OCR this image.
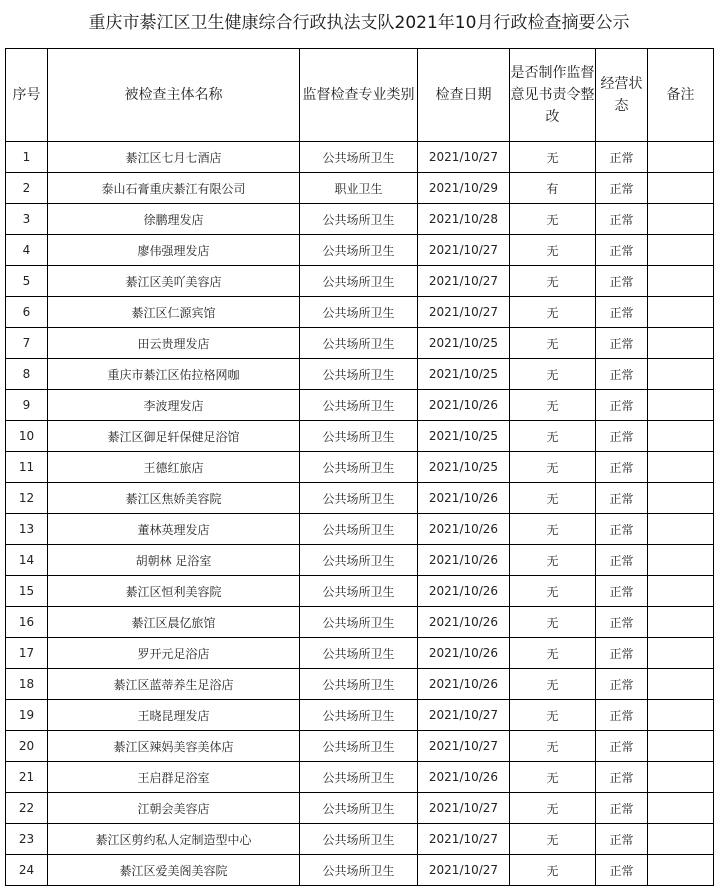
重庆市綦江区卫生健康综合行政执法支队2021年10月行政检查摘要公示
序号	被检查主体名称	监督检查专业类别	检查日期	是否制作监督意见书责令整改	经营状态	备注
1	綦江区七月七酒店	公共场所卫生	2021/10/27	无	正常	
2	泰山石膏重庆綦江有限公司	职业卫生	2021/10/29	有	正常	
3	徐鹏理发店	公共场所卫生	2021/10/28	无	正常	
4	廖伟强理发店	公共场所卫生	2021/10/27	无	正常	
5	綦江区美吖美容店	公共场所卫生	2021/10/27	无	正常	
6	綦江区仁源宾馆	公共场所卫生	2021/10/27	无	正常	
7	田云贵理发店	公共场所卫生	2021/10/25	无	正常	
8	重庆市綦江区佑拉格网咖	公共场所卫生	2021/10/25	无	正常	
9	李波理发店	公共场所卫生	2021/10/26	无	正常	
10	綦江区御足轩保健足浴馆	公共场所卫生	2021/10/25	无	正常	
11	王德红旅店	公共场所卫生	2021/10/25	无	正常	
12	綦江区焦娇美容院	公共场所卫生	2021/10/26	无	正常	
13	董林英理发店	公共场所卫生	2021/10/26	无	正常	
14	胡朝林 足浴室	公共场所卫生	2021/10/26	无	正常	
15	綦江区恒利美容院	公共场所卫生	2021/10/26	无	正常	
16	綦江区晨亿旅馆	公共场所卫生	2021/10/26	无	正常	
17	罗开元足浴店	公共场所卫生	2021/10/26	无	正常	
18	綦江区蓝蒂养生足浴店	公共场所卫生	2021/10/26	无	正常	
19	王晓昆理发店	公共场所卫生	2021/10/27	无	正常	
20	綦江区辣妈美容美体店	公共场所卫生	2021/10/27	无	正常	
21	王启群足浴室	公共场所卫生	2021/10/26	无	正常	
22	江朝会美容店	公共场所卫生	2021/10/27	无	正常	
23	綦江区剪约私人定制造型中心	公共场所卫生	2021/10/27	无	正常	
24	綦江区爱美阁美容院	公共场所卫生	2021/10/27	无	正常	
